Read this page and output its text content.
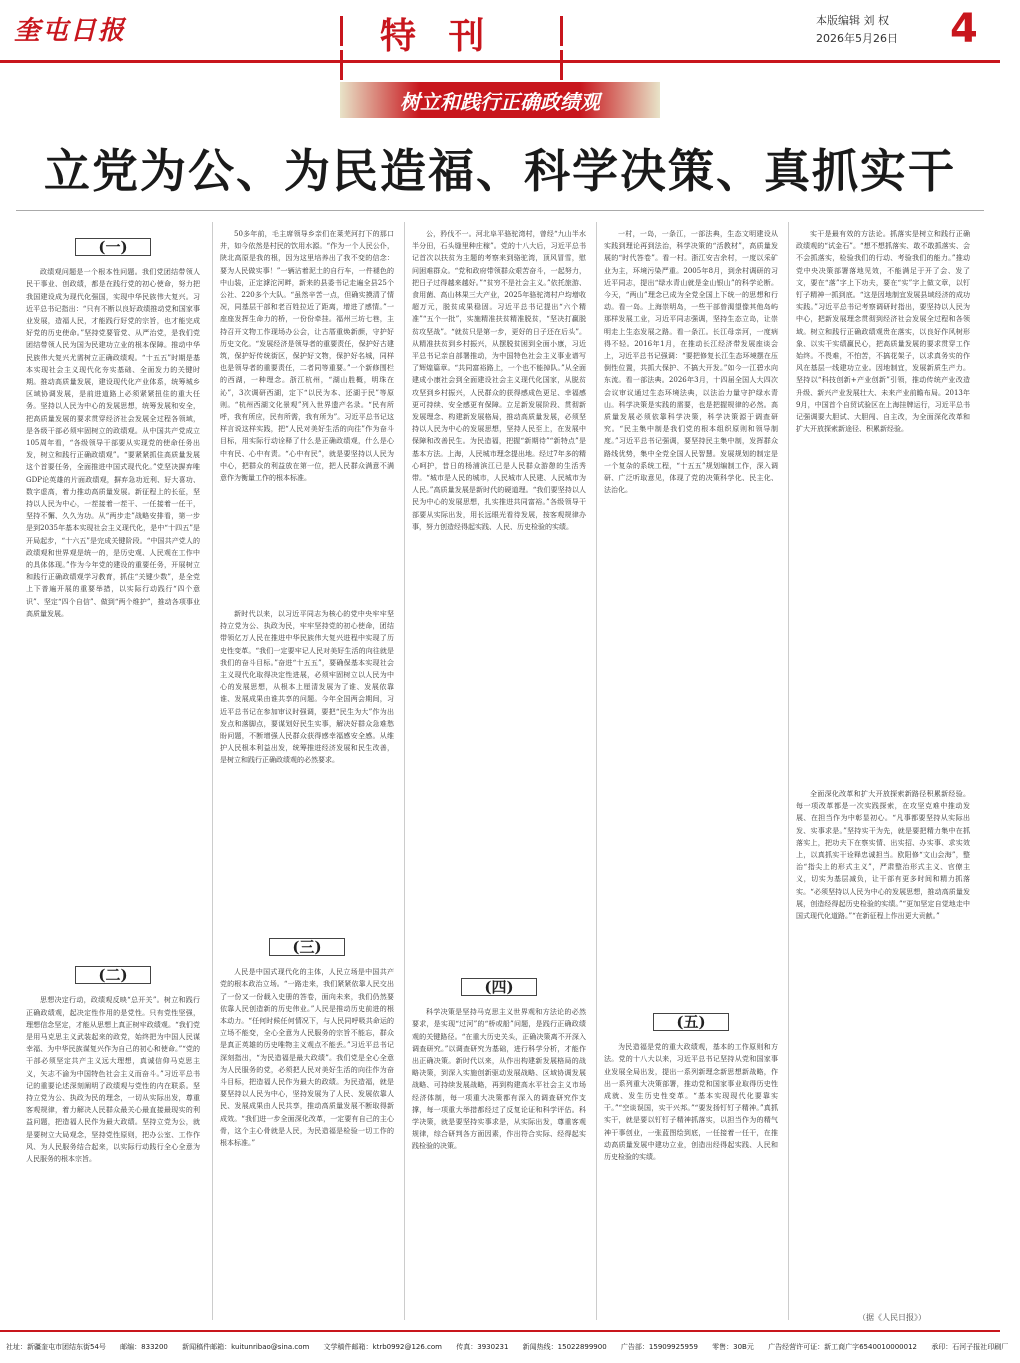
奎屯日报	特 刊	本版编辑 刘 权
2026年5月26日 4
树立和践行正确政绩观
立党为公、为民造福、科学决策、真抓实干
(一)

政绩观问题是一个根本性问题。我们党团结带领人民干事业、创政绩，都是在践行党的初心使命，努力把我国建设成为现代化强国，实现中华民族伟大复兴。习近平总书记指出：“只有不断以良好政绩推动党和国家事业发展，造福人民，才能践行好党的宗旨，也才能完成好党的历史使命。”坚持党要管党、从严治党，是我们党团结带领人民为国为民建功立业的根本保障。推动中华民族伟大复兴尤需树立正确政绩观。“十五五”时期是基本实现社会主义现代化夯实基础、全面发力的关键时期。推动高质量发展，建设现代化产业体系，统筹城乡区域协调发展，是前进道路上必须紧紧扭住的重大任务。坚持以人民为中心的发展思想，统筹发展和安全，把高质量发展的要求贯穿经济社会发展全过程各领域，是各级干部必须牢固树立的政绩观。从中国共产党成立105周年看，“各级领导干部要从实现党的使命任务出发，树立和践行正确政绩观”。“要紧紧抓住高质量发展这个首要任务，全面推进中国式现代化。”党坚决摒弃唯GDP论英雄的片面政绩观，摒弃急功近利、好大喜功、数字虚高，着力推动高质量发展。新征程上的长征，坚持以人民为中心，一茬接着一茬干、一任接着一任干，坚持不懈、久久为功。从“两步走”战略安排看，第一步是到2035年基本实现社会主义现代化，是中“十四五”是开局起步，“十六五”是完成关键阶段。“中国共产党人的政绩观和世界观是统一的，是历史观、人民观在工作中的具体体现。”作为今年党的建设的重要任务，开展树立和践行正确政绩观学习教育，抓住“关键少数”，是全党上下普遍开展的重要举措，以实际行动践行“四个意识”、坚定“四个自信”、做到“两个维护”，推动各项事业高质量发展。

(二)

思想决定行动，政绩观反映“总开关”。树立和践行正确政绩观，起决定性作用的是党性。只有党性坚强，理想信念坚定，才能从思想上真正树牢政绩观。“我们党是用马克思主义武装起来的政党，始终把为中国人民谋幸福、为中华民族谋复兴作为自己的初心和使命。”“党的干部必须坚定共产主义远大理想，真诚信仰马克思主义，矢志不渝为中国特色社会主义而奋斗。”习近平总书记的重要论述深刻阐明了政绩观与党性的内在联系。坚持立党为公、执政为民的理念，一切从实际出发，尊重客观规律，着力解决人民群众最关心最直接最现实的利益问题，把造福人民作为最大政绩。坚持立党为公，就是要树立大局观念，坚持党性原则，把办公室、工作作风、为人民服务结合起来，以实际行动践行全心全意为人民服务的根本宗旨。

50多年前，毛主席领导乡亲们在莱芜河打下的那口井，如今依然是村民的饮用水源。“作为一个人民公仆，陕北高原是我的根，因为这里培养出了我不变的信念：要为人民做实事！”一辆沾着泥土的自行车，一件褪色的中山装，正定滹沱河畔，新来的县委书记走遍全县25个公社、220多个大队。“虽然辛苦一点，但确实摸清了情况，同基层干部和老百姓拉近了距离，增进了感情。”一座座发挥生命力的桥，一份份牵挂。福州三坊七巷，主持召开文物工作现场办公会，让古厝重焕新颜，守护好历史文化。“发展经济是领导者的重要责任，保护好古建筑，保护好传统街区，保护好文物，保护好名城，同样也是领导者的重要责任，二者同等重要。”一个新修围栏的西湖，一种理念。浙江杭州，“湖山胜概，明珠在沁”，3次调研西湖，定下“以民为本、还湖于民”等原则。“杭州西湖文化景观”列入世界遗产名录。“民有所呼，我有所应，民有所需，我有所为”。习近平总书记这样言说这样实践，把“人民对美好生活的向往”作为奋斗目标，用实际行动诠释了什么是正确政绩观，什么是心中有民、心中有责。“心中有民”，就是要坚持以人民为中心，把群众的利益放在第一位，把人民群众满意不满意作为衡量工作的根本标准。

新时代以来，以习近平同志为核心的党中央牢牢坚持立党为公、执政为民，牢牢坚持党的初心使命，团结带领亿万人民在推进中华民族伟大复兴进程中实现了历史性变革。“我们一定要牢记人民对美好生活的向往就是我们的奋斗目标。”奋进“十五五”，要确保基本实现社会主义现代化取得决定性进展，必须牢固树立以人民为中心的发展思想，从根本上厘清发展为了谁、发展依靠谁、发展成果由谁共享的问题。今年全国两会期间，习近平总书记在参加审议时强调，要把“民生为大”作为出发点和落脚点，要谋划好民生实事，解决好群众急难愁盼问题，不断增强人民群众获得感幸福感安全感。从维护人民根本利益出发，统筹推进经济发展和民生改善，是树立和践行正确政绩观的必然要求。

(三)

人民是中国式现代化的主体，人民立场是中国共产党的根本政治立场。“一路走来，我们紧紧依靠人民交出了一份又一份载入史册的答卷，面向未来，我们仍然要依靠人民创造新的历史伟业。”人民是推动历史前进的根本动力。“任何时候任何情况下，与人民同呼吸共命运的立场不能变，全心全意为人民服务的宗旨不能忘，群众是真正英雄的历史唯物主义观点不能丢。”习近平总书记深刻指出，“为民造福是最大政绩”。我们党是全心全意为人民服务的党，必须把人民对美好生活的向往作为奋斗目标，把造福人民作为最大的政绩。为民造福，就是要坚持以人民为中心，坚持发展为了人民、发展依靠人民、发展成果由人民共享，推动高质量发展不断取得新成效。“我们进一步全面深化改革，一定要有自己的主心骨，这个主心骨就是人民，为民造福是检验一切工作的根本标准。”

公，矜伐不一。河北阜平骆驼湾村，曾经“九山半水半分田，石头缝里种庄稼”。党的十八大后，习近平总书记首次以扶贫为主题的考察来到骆驼湾，顶风冒雪，慰问困难群众。“党和政府带领群众艰苦奋斗，一起努力，把日子过得越来越好。”“贫穷不是社会主义。”依托旅游、食用菌、高山林果三大产业，2025年骆驼湾村户均增收超万元，脱贫成果稳固。习近平总书记提出“六个精准”“五个一批”，实施精准扶贫精准脱贫，“坚决打赢脱贫攻坚战”。“就贫只是第一步，更好的日子还在后头”。从精准扶贫到乡村振兴，从摆脱贫困到全面小康，习近平总书记亲自部署推动，为中国特色社会主义事业谱写了辉煌篇章。“共同富裕路上，一个也不能掉队。”从全面建成小康社会到全面建设社会主义现代化国家，从脱贫攻坚到乡村振兴，人民群众的获得感成色更足、幸福感更可持续、安全感更有保障。立足新发展阶段、贯彻新发展理念、构建新发展格局，推动高质量发展，必须坚持以人民为中心的发展思想，坚持人民至上，在发展中保障和改善民生。为民造福，把握“新期待”“新特点”是基本方法。上海，人民城市理念提出地。经过7年多的精心呵护，昔日的杨浦滨江已是人民群众游憩的生活秀带。“城市是人民的城市，人民城市人民建、人民城市为人民。”高质量发展是新时代的硬道理。“我们要坚持以人民为中心的发展思想，扎实推进共同富裕。”各级领导干部要从实际出发，用长远眼光看待发展，按客观规律办事，努力创造经得起实践、人民、历史检验的实绩。

(四)

科学决策是坚持马克思主义世界观和方法论的必然要求，是实现“过河”的“桥或船”问题，是践行正确政绩观的关键路径。“在重大历史关头，正确决策离不开深入调查研究。”以调查研究为基础，进行科学分析，才能作出正确决策。新时代以来，从作出构建新发展格局的战略决策，到深入实施创新驱动发展战略、区域协调发展战略、可持续发展战略，再到构建高水平社会主义市场经济体制，每一项重大决策都有深入的调查研究作支撑，每一项重大举措都经过了反复论证和科学评估。科学决策，就是要坚持实事求是，从实际出发，尊重客观规律，综合研判各方面因素，作出符合实际、经得起实践检验的决策。

一村，一岛，一条江，一部法典，生态文明建设从实践到理论再到法治，科学决策的“活教材”，高质量发展的“时代答卷”。看一村。浙江安吉余村，一度以采矿业为主，环境污染严重。2005年8月，到余村调研的习近平同志，提出“绿水青山就是金山银山”的科学论断。今天，“两山”理念已成为全党全国上下统一的思想和行动。看一岛。上海崇明岛，一些干部曾渴望像其他岛屿那样发展工业，习近平同志强调，坚持生态立岛，让崇明走上生态发展之路。看一条江。长江母亲河，一度病得不轻。2016年1月，在推动长江经济带发展座谈会上，习近平总书记强调：“要把修复长江生态环境摆在压倒性位置，共抓大保护、不搞大开发。”如今一江碧水向东流。看一部法典。2026年3月，十四届全国人大四次会议审议通过生态环境法典，以法治力量守护绿水青山。科学决策是实践的需要，也是把握规律的必然。高质量发展必须依靠科学决策，科学决策源于调查研究。“民主集中制是我们党的根本组织原则和领导制度。”习近平总书记强调，要坚持民主集中制，发挥群众路线优势，集中全党全国人民智慧。发展规划的制定是一个复杂的系统工程，“十五五”规划编制工作，深入调研、广泛听取意见，体现了党的决策科学化、民主化、法治化。

(五)

为民造福是党的重大政绩观，基本的工作原则和方法。党的十八大以来，习近平总书记坚持从党和国家事业发展全局出发，提出一系列新理念新思想新战略，作出一系列重大决策部署，推动党和国家事业取得历史性成就、发生历史性变革。“基本实现现代化要靠实干。”“空谈误国，实干兴邦。”“要发扬钉钉子精神。”真抓实干，就是要以钉钉子精神抓落实，以担当作为的精气神干事创业，一张蓝图绘到底，一任接着一任干，在推动高质量发展中建功立业，创造出经得起实践、人民和历史检验的实绩。

实干是最有效的方法论。抓落实是树立和践行正确政绩观的“试金石”。“想不想抓落实、敢不敢抓落实、会不会抓落实，检验我们的行动、考验我们的能力。”推动党中央决策部署落地见效，不能满足于开了会、发了文，要在“落”字上下功夫，要在“实”字上做文章，以钉钉子精神一抓到底。“这是因地制宜发展县域经济的成功实践。”习近平总书记考察调研时指出，要坚持以人民为中心，把新发展理念贯彻到经济社会发展全过程和各领域。树立和践行正确政绩观贵在落实，以良好作风树形象、以实干实绩赢民心，把高质量发展的要求贯穿工作始终。不畏难，不怕苦，不搞花架子，以求真务实的作风在基层一线建功立业。因地制宜，发展新质生产力。坚持以“科技创新+产业创新”引领，推动传统产业改造升级、新兴产业发展壮大、未来产业前瞻布局。2013年9月，中国首个自贸试验区在上海挂牌运行，习近平总书记强调要大胆试、大胆闯、自主改，为全面深化改革和扩大开放探索新途径、积累新经验。

全面深化改革和扩大开放探索新路径积累新经验。每一项改革都是一次实践探索，在攻坚克难中推动发展、在担当作为中彰显初心。“凡事都要坚持从实际出发、实事求是。”坚持实干为先，就是要把精力集中在抓落实上，把功夫下在察实情、出实招、办实事、求实效上，以真抓实干诠释忠诚担当。欧阳修“文山会海”，整治“指尖上的形式主义”，严肃整治形式主义、官僚主义，切实为基层减负，让干部有更多时间和精力抓落实。“必须坚持以人民为中心的发展思想，推动高质量发展，创造经得起历史检验的实绩。”“更加坚定自觉地走中国式现代化道路。”“在新征程上作出更大贡献。”

（据《人民日报》）
社址：新疆奎屯市团结东街54号 邮编：833200 新闻稿件邮箱：kuitunribao@sina.com 文学稿件邮箱：ktrb0992@126.com 传真：3930231 新闻热线：15022899900 广告部：15909925959 零售：30B元 广告经营许可证：新工商广字6540010000012 承印：石河子报社印刷厂
